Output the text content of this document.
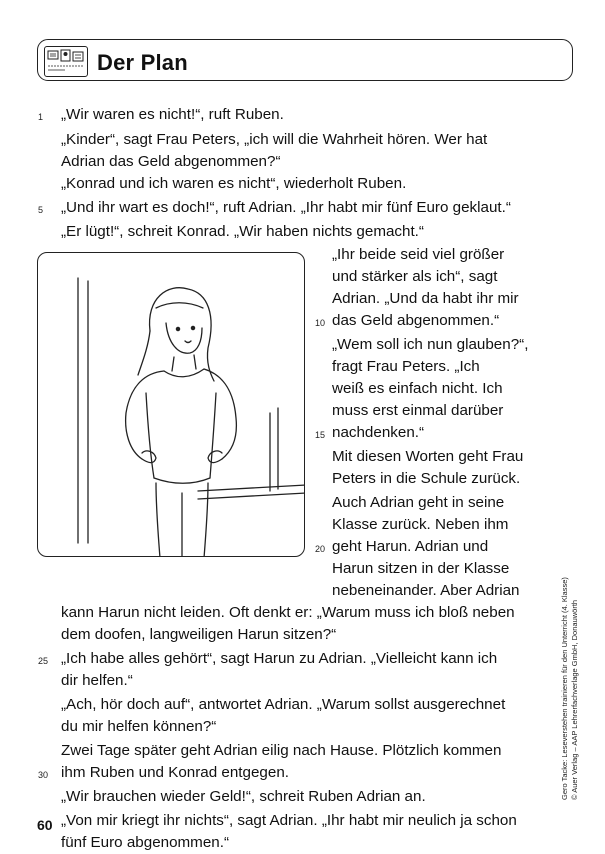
Der Plan
„Wir waren es nicht!“, ruft Ruben.
„Kinder“, sagt Frau Peters, „ich will die Wahrheit hören. Wer hat
Adrian das Geld abgenommen?“
„Konrad und ich waren es nicht“, wiederholt Ruben.
„Und ihr wart es doch!“, ruft Adrian. „Ihr habt mir fünf Euro geklaut.“
„Er lügt!“, schreit Konrad. „Wir haben nichts gemacht.“
„Ihr beide seid viel größer
und stärker als ich“, sagt
Adrian. „Und da habt ihr mir
das Geld abgenommen.“
„Wem soll ich nun glauben?“,
fragt Frau Peters. „Ich
weiß es einfach nicht. Ich
muss erst einmal darüber
nachdenken.“
Mit diesen Worten geht Frau
Peters in die Schule zurück.
Auch Adrian geht in seine
Klasse zurück. Neben ihm
geht Harun. Adrian und
Harun sitzen in der Klasse
nebeneinander. Aber Adrian
kann Harun nicht leiden. Oft denkt er: „Warum muss ich bloß neben
dem doofen, langweiligen Harun sitzen?“
„Ich habe alles gehört“, sagt Harun zu Adrian. „Vielleicht kann ich
dir helfen.“
„Ach, hör doch auf“, antwortet Adrian. „Warum sollst ausgerechnet
du mir helfen können?“
Zwei Tage später geht Adrian eilig nach Hause. Plötzlich kommen
ihm Ruben und Konrad entgegen.
„Wir brauchen wieder Geld!“, schreit Ruben Adrian an.
„Von mir kriegt ihr nichts“, sagt Adrian. „Ihr habt mir neulich ja schon
fünf Euro abgenommen.“
1
5
10
15
20
25
30	Gero Tacke: Leseverstehen trainieren für den Unterricht (4. Klasse) © Auer Verlag – AAP Lehrerfachverlage GmbH, Donauwörth
60
